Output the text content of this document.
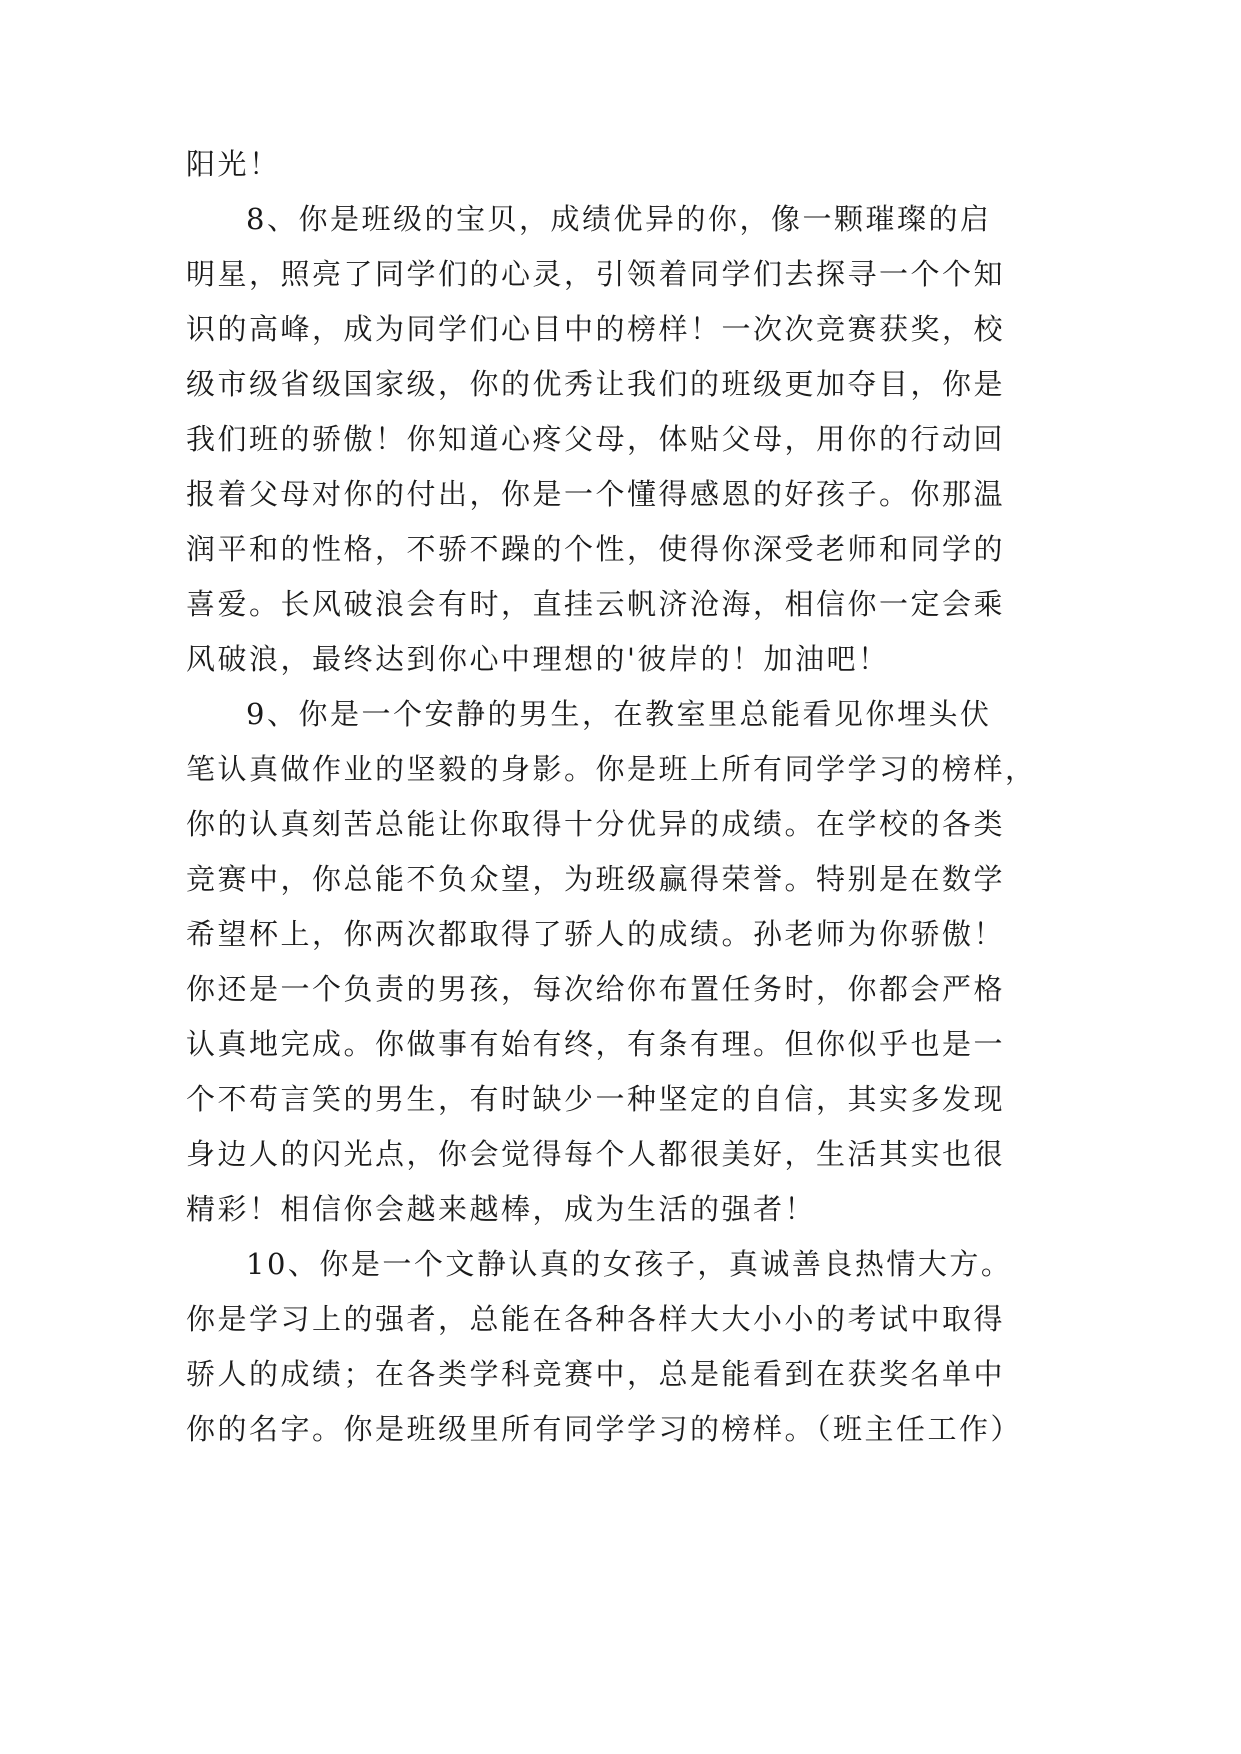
阳光！
8、你是班级的宝贝，成绩优异的你，像一颗璀璨的启
明星，照亮了同学们的心灵，引领着同学们去探寻一个个知
识的高峰，成为同学们心目中的榜样！一次次竞赛获奖，校
级市级省级国家级，你的优秀让我们的班级更加夺目，你是
我们班的骄傲！你知道心疼父母，体贴父母，用你的行动回
报着父母对你的付出，你是一个懂得感恩的好孩子。你那温
润平和的性格，不骄不躁的个性，使得你深受老师和同学的
喜爱。长风破浪会有时，直挂云帆济沧海，相信你一定会乘
风破浪，最终达到你心中理想的'彼岸的！加油吧！
9、你是一个安静的男生，在教室里总能看见你埋头伏
笔认真做作业的坚毅的身影。你是班上所有同学学习的榜样，
你的认真刻苦总能让你取得十分优异的成绩。在学校的各类
竞赛中，你总能不负众望，为班级赢得荣誉。特别是在数学
希望杯上，你两次都取得了骄人的成绩。孙老师为你骄傲！
你还是一个负责的男孩，每次给你布置任务时，你都会严格
认真地完成。你做事有始有终，有条有理。但你似乎也是一
个不苟言笑的男生，有时缺少一种坚定的自信，其实多发现
身边人的闪光点，你会觉得每个人都很美好，生活其实也很
精彩！相信你会越来越棒，成为生活的强者！
10、你是一个文静认真的女孩子，真诚善良热情大方。
你是学习上的强者，总能在各种各样大大小小的考试中取得
骄人的成绩；在各类学科竞赛中，总是能看到在获奖名单中
你的名字。你是班级里所有同学学习的榜样。（班主任工作）
